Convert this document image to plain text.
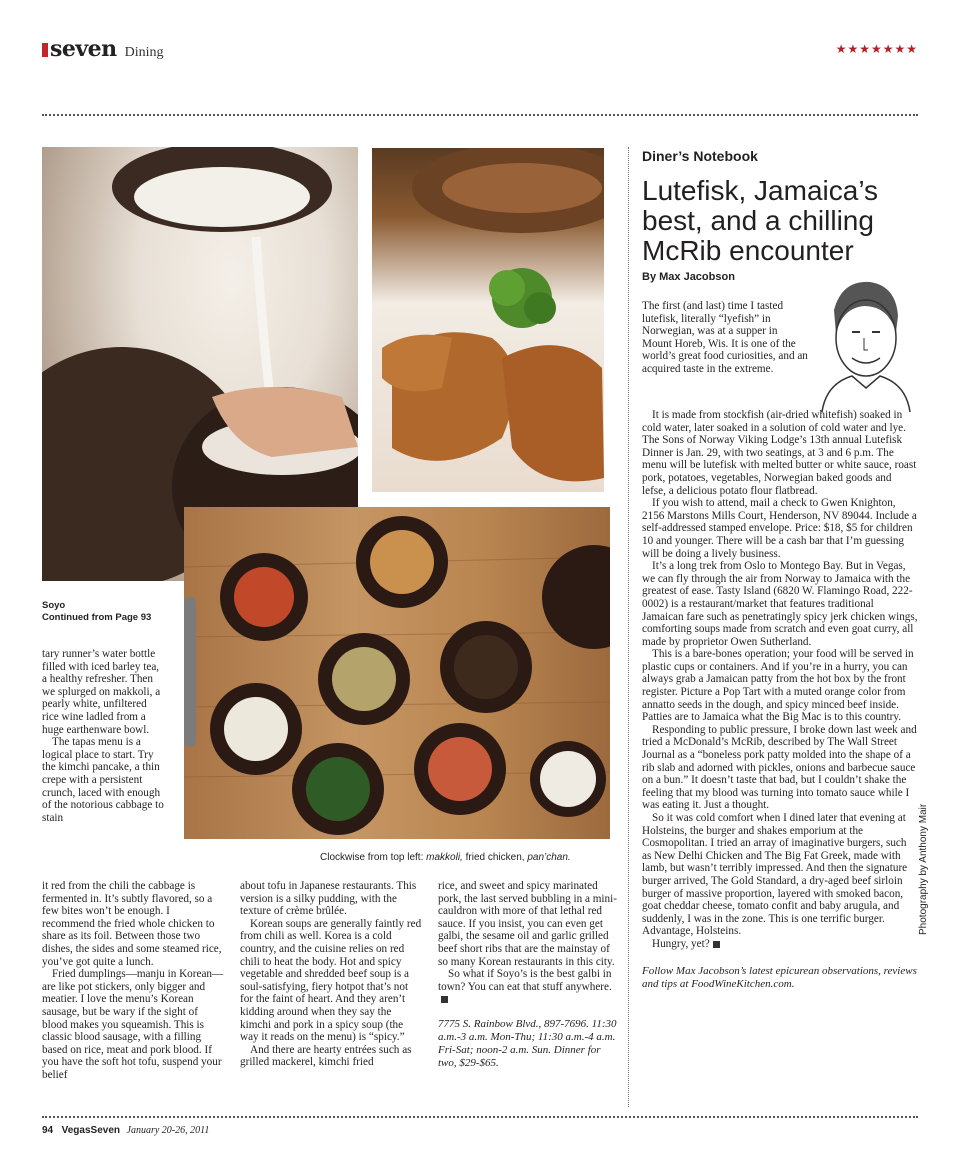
seven Dining	★★★★★★★
Clockwise from top left: makkoli, fried chicken, pan’chan.
Diner’s Notebook
Lutefisk, Jamaica’s best, and a chilling McRib encounter
By Max Jacobson

The first (and last) time I tasted lutefisk, literally “lyefish” in Norwegian, was at a supper in Mount Horeb, Wis. It is one of the world’s great food curiosities, and an acquired taste in the extreme.

It is made from stockfish (air-dried whitefish) soaked in cold water, later soaked in a solution of cold water and lye. The Sons of Norway Viking Lodge’s 13th annual Lutefisk Dinner is Jan. 29, with two seatings, at 3 and 6 p.m. The menu will be lutefisk with melted butter or white sauce, roast pork, potatoes, vegetables, Norwegian baked goods and lefse, a delicious potato flour flatbread.

If you wish to attend, mail a check to Gwen Knighton, 2156 Marstons Mills Court, Henderson, NV 89044. Include a self-addressed stamped envelope. Price: $18, $5 for children 10 and younger. There will be a cash bar that I’m guessing will be doing a lively business.

It’s a long trek from Oslo to Montego Bay. But in Vegas, we can fly through the air from Norway to Jamaica with the greatest of ease. Tasty Island (6820 W. Flamingo Road, 222-0002) is a restaurant/market that features traditional Jamaican fare such as penetratingly spicy jerk chicken wings, comforting soups made from scratch and even goat curry, all made by proprietor Owen Sutherland.

This is a bare-bones operation; your food will be served in plastic cups or containers. And if you’re in a hurry, you can always grab a Jamaican patty from the hot box by the front register. Picture a Pop Tart with a muted orange color from annatto seeds in the dough, and spicy minced beef inside. Patties are to Jamaica what the Big Mac is to this country.

Responding to public pressure, I broke down last week and tried a McDonald’s McRib, described by The Wall Street Journal as a “boneless pork patty molded into the shape of a rib slab and adorned with pickles, onions and barbecue sauce on a bun.” It doesn’t taste that bad, but I couldn’t shake the feeling that my blood was turning into tomato sauce while I was eating it. Just a thought.

So it was cold comfort when I dined later that evening at Holsteins, the burger and shakes emporium at the Cosmopolitan. I tried an array of imaginative burgers, such as New Delhi Chicken and The Big Fat Greek, made with lamb, but wasn’t terribly impressed. And then the signature burger arrived, The Gold Standard, a dry-aged beef sirloin burger of massive proportion, layered with smoked bacon, goat cheddar cheese, tomato confit and baby arugula, and suddenly, I was in the zone. This is one terrific burger. Advantage, Holsteins.

Hungry, yet?

Follow Max Jacobson’s latest epicurean observations, reviews and tips at FoodWineKitchen.com.

Photography by Anthony Mair
Soyo
Continued from Page 93

tary runner’s water bottle filled with iced barley tea, a healthy refresher. Then we splurged on makkoli, a pearly white, unfiltered rice wine ladled from a huge earthenware bowl.

The tapas menu is a logical place to start. Try the kimchi pancake, a thin crepe with a persistent crunch, laced with enough of the notorious cabbage to stain

it red from the chili the cabbage is fermented in. It’s subtly flavored, so a few bites won’t be enough. I recommend the fried whole chicken to share as its foil. Between those two dishes, the sides and some steamed rice, you’ve got quite a lunch.

Fried dumplings—manju in Korean—are like pot stickers, only bigger and meatier. I love the menu’s Korean sausage, but be wary if the sight of blood makes you squeamish. This is classic blood sausage, with a filling based on rice, meat and pork blood. If you have the soft hot tofu, suspend your belief

about tofu in Japanese restaurants. This version is a silky pudding, with the texture of crème brûlée.

Korean soups are generally faintly red from chili as well. Korea is a cold country, and the cuisine relies on red chili to heat the body. Hot and spicy vegetable and shredded beef soup is a soul-satisfying, fiery hotpot that’s not for the faint of heart. And they aren’t kidding around when they say the kimchi and pork in a spicy soup (the way it reads on the menu) is “spicy.”

And there are hearty entrées such as grilled mackerel, kimchi fried

rice, and sweet and spicy marinated pork, the last served bubbling in a mini-cauldron with more of that lethal red sauce. If you insist, you can even get galbi, the sesame oil and garlic grilled beef short ribs that are the mainstay of so many Korean restaurants in this city.

So what if Soyo’s is the best galbi in town? You can eat that stuff anywhere.

7775 S. Rainbow Blvd., 897-7696. 11:30 a.m.-3 a.m. Mon-Thu; 11:30 a.m.-4 a.m. Fri-Sat; noon-2 a.m. Sun. Dinner for two, $29-$65.

94 VegasSeven January 20-26, 2011
